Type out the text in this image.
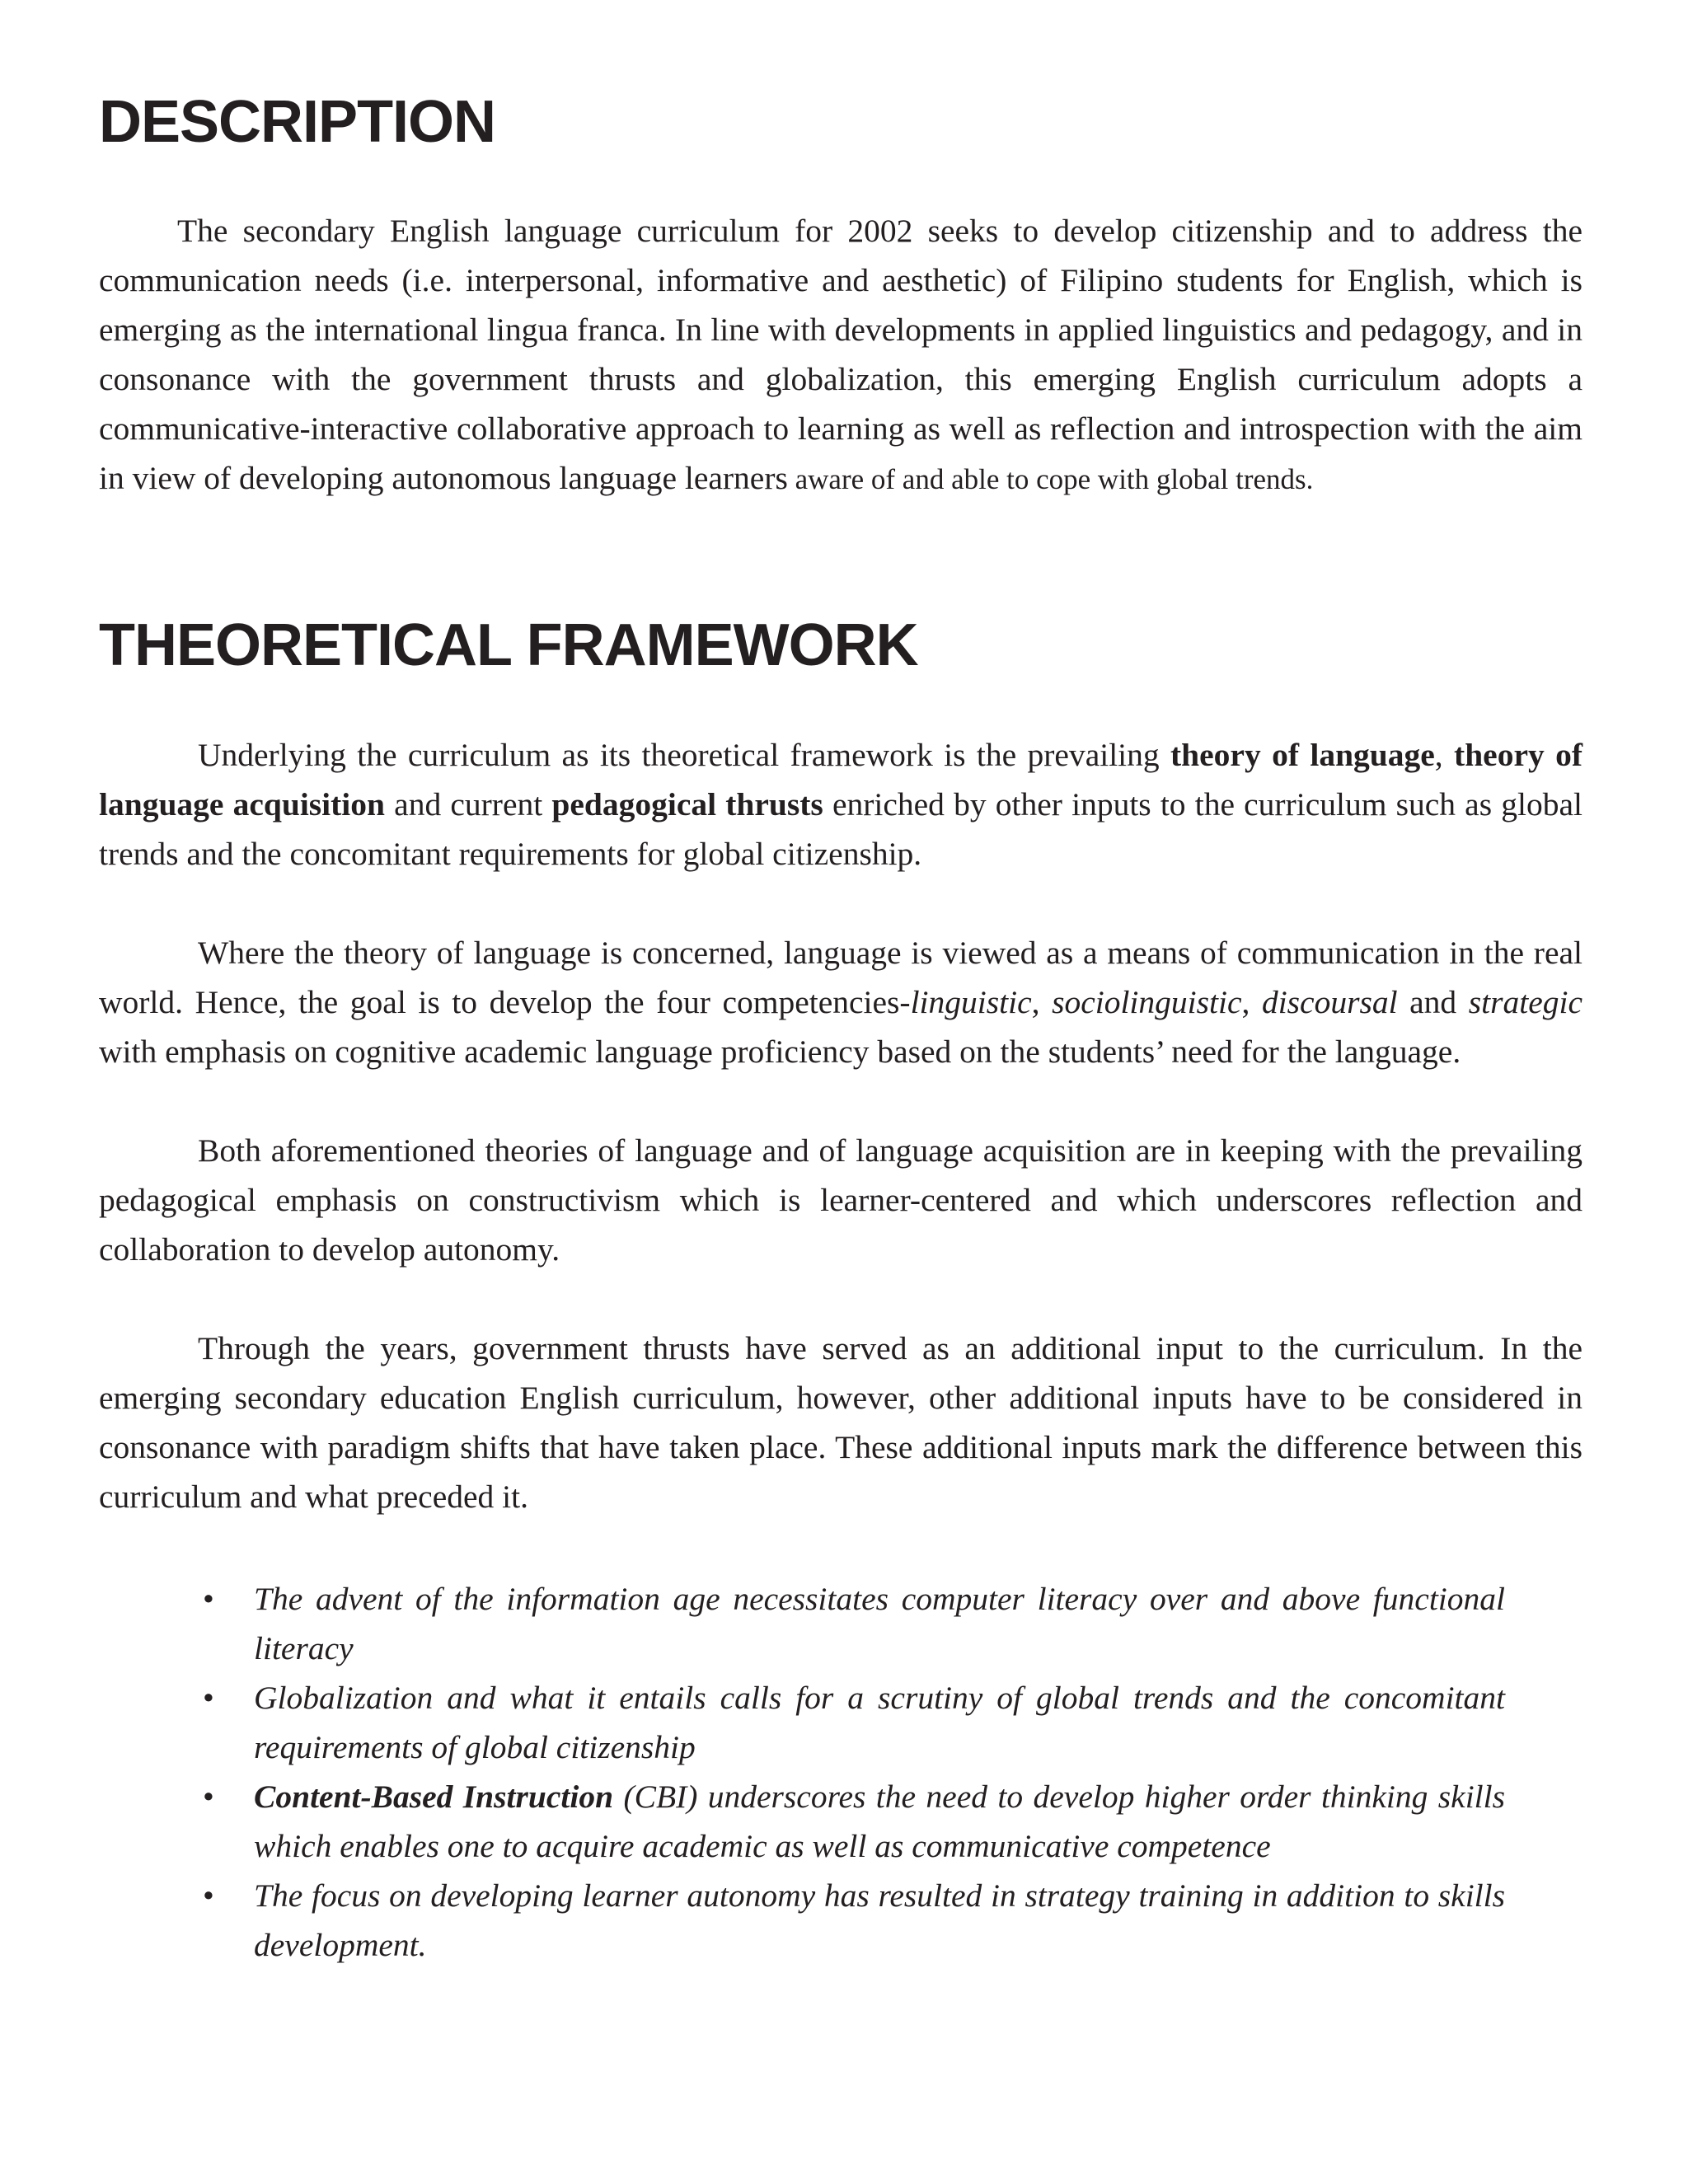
DESCRIPTION

The secondary English language curriculum for 2002 seeks to develop citizenship and to address the communication needs (i.e. interpersonal, informative and aesthetic) of Filipino students for English, which is emerging as the international lingua franca. In line with developments in applied linguistics and pedagogy, and in consonance with the government thrusts and globalization, this emerging English curriculum adopts a communicative-interactive collaborative approach to learning as well as reflection and introspection with the aim in view of developing autonomous language learners aware of and able to cope with global trends.

THEORETICAL FRAMEWORK

Underlying the curriculum as its theoretical framework is the prevailing theory of language, theory of language acquisition and current pedagogical thrusts enriched by other inputs to the curriculum such as global trends and the concomitant requirements for global citizenship.

Where the theory of language is concerned, language is viewed as a means of communication in the real world. Hence, the goal is to develop the four competencies-linguistic, sociolinguistic, discoursal and strategic with emphasis on cognitive academic language proficiency based on the students’ need for the language.

Both aforementioned theories of language and of language acquisition are in keeping with the prevailing pedagogical emphasis on constructivism which is learner-centered and which underscores reflection and collaboration to develop autonomy.

Through the years, government thrusts have served as an additional input to the curriculum. In the emerging secondary education English curriculum, however, other additional inputs have to be considered in consonance with paradigm shifts that have taken place. These additional inputs mark the difference between this curriculum and what preceded it.

• The advent of the information age necessitates computer literacy over and above functional literacy
• Globalization and what it entails calls for a scrutiny of global trends and the concomitant requirements of global citizenship
• Content-Based Instruction (CBI) underscores the need to develop higher order thinking skills which enables one to acquire academic as well as communicative competence
• The focus on developing learner autonomy has resulted in strategy training in addition to skills development.
